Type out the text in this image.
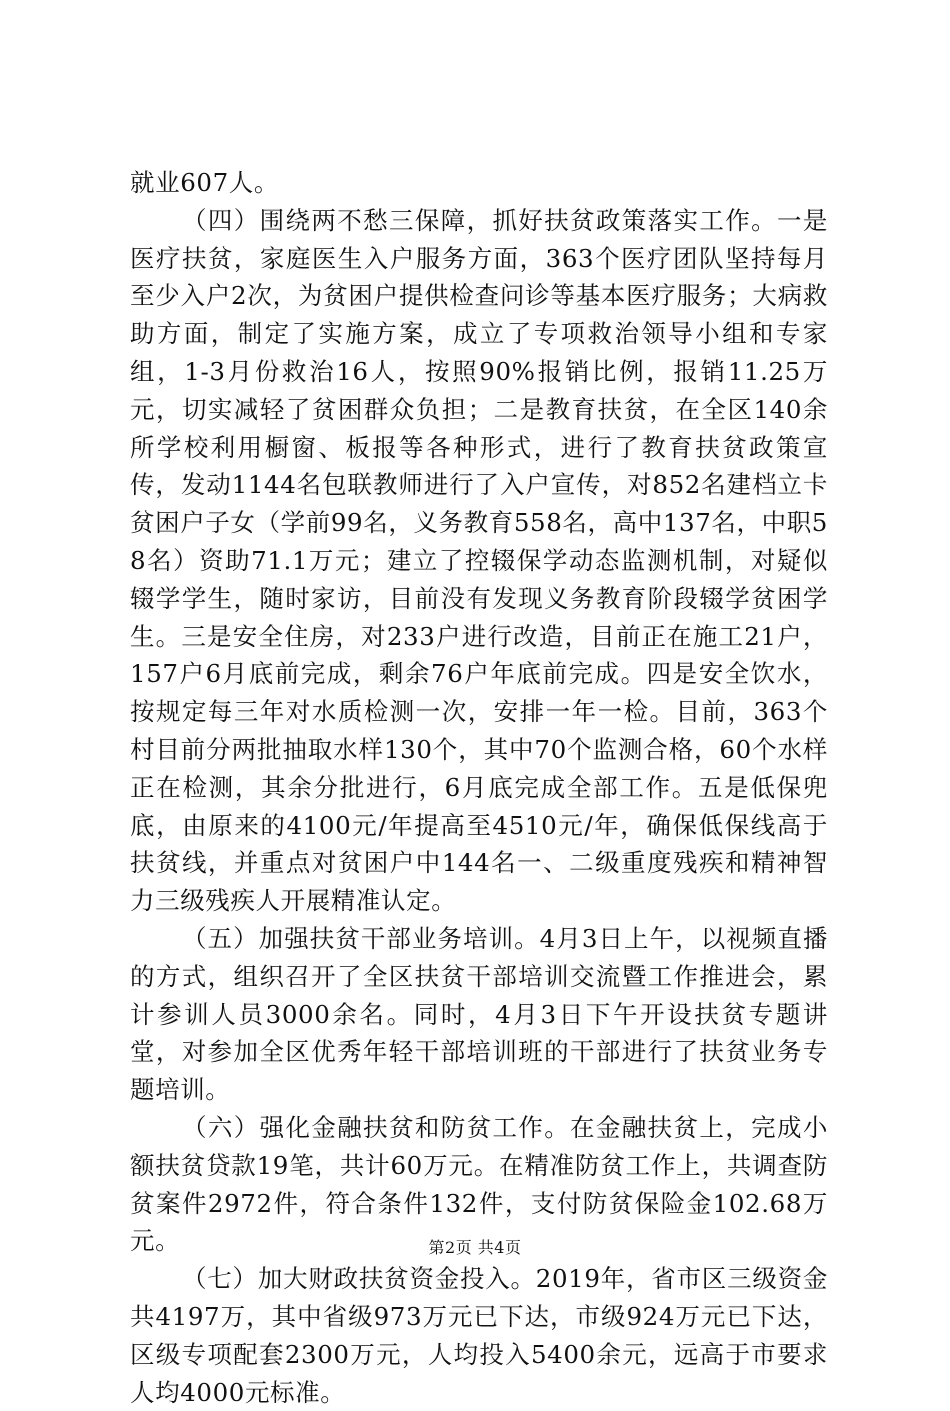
就业607人。

（四）围绕两不愁三保障，抓好扶贫政策落实工作。一是医疗扶贫，家庭医生入户服务方面，363个医疗团队坚持每月至少入户2次，为贫困户提供检查问诊等基本医疗服务；大病救助方面，制定了实施方案，成立了专项救治领导小组和专家组，1-3月份救治16人，按照90%报销比例，报销11.25万元，切实减轻了贫困群众负担；二是教育扶贫，在全区140余所学校利用橱窗、板报等各种形式，进行了教育扶贫政策宣传，发动1144名包联教师进行了入户宣传，对852名建档立卡贫困户子女（学前99名，义务教育558名，高中137名，中职58名）资助71.1万元；建立了控辍保学动态监测机制，对疑似辍学学生，随时家访，目前没有发现义务教育阶段辍学贫困学生。三是安全住房，对233户进行改造，目前正在施工21户，157户6月底前完成，剩余76户年底前完成。四是安全饮水，按规定每三年对水质检测一次，安排一年一检。目前，363个村目前分两批抽取水样130个，其中70个监测合格，60个水样正在检测，其余分批进行，6月底完成全部工作。五是低保兜底，由原来的4100元/年提高至4510元/年，确保低保线高于扶贫线，并重点对贫困户中144名一、二级重度残疾和精神智力三级残疾人开展精准认定。

（五）加强扶贫干部业务培训。4月3日上午，以视频直播的方式，组织召开了全区扶贫干部培训交流暨工作推进会，累计参训人员3000余名。同时，4月3日下午开设扶贫专题讲堂，对参加全区优秀年轻干部培训班的干部进行了扶贫业务专题培训。

（六）强化金融扶贫和防贫工作。在金融扶贫上，完成小额扶贫贷款19笔，共计60万元。在精准防贫工作上，共调查防贫案件2972件，符合条件132件，支付防贫保险金102.68万元。

（七）加大财政扶贫资金投入。2019年，省市区三级资金共4197万，其中省级973万元已下达，市级924万元已下达，区级专项配套2300万元，人均投入5400余元，远高于市要求人均4000元标准。

第2页 共4页
